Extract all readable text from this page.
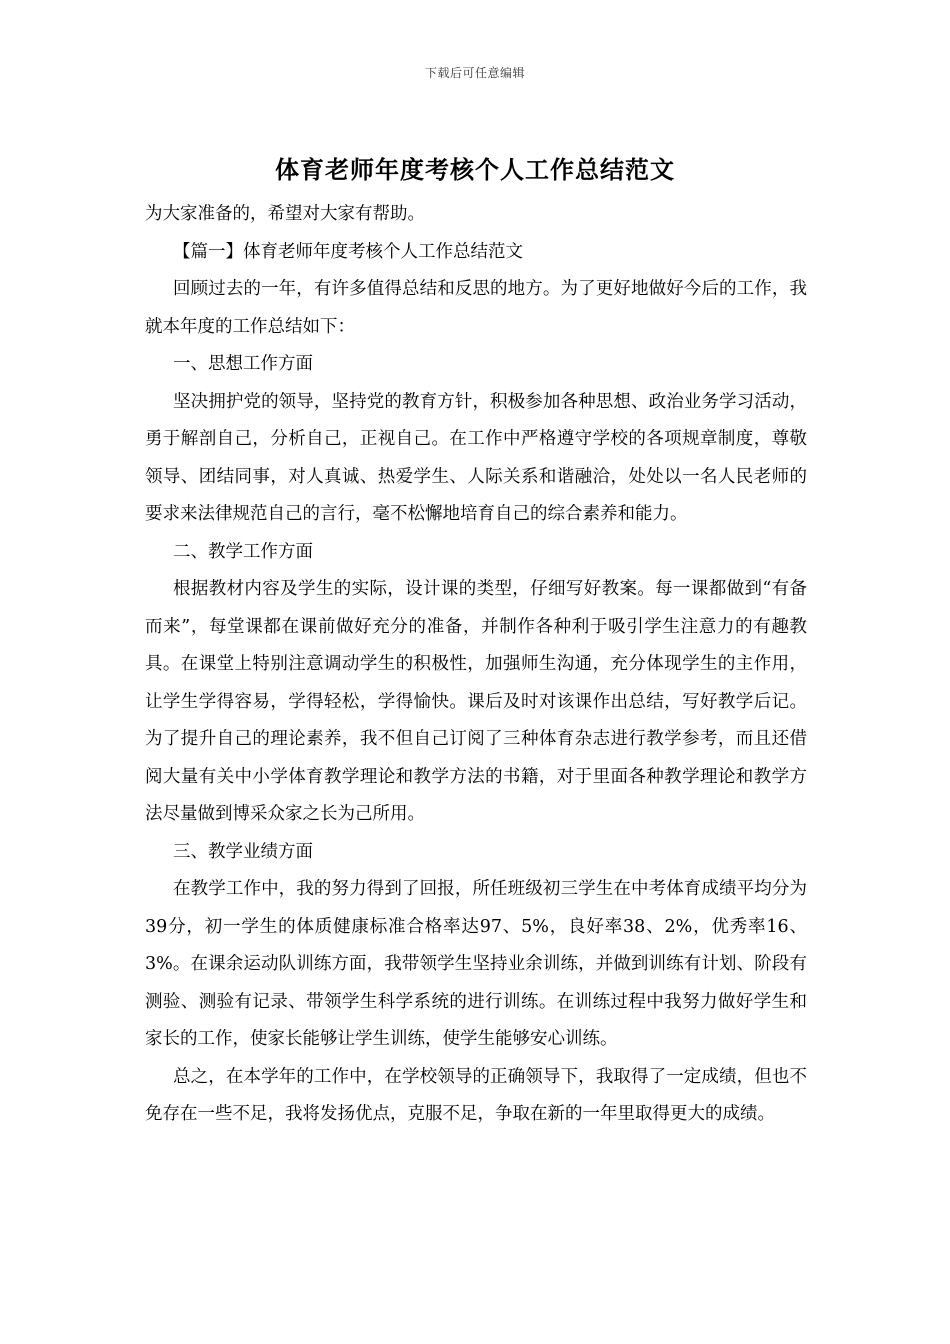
下载后可任意编辑
体育老师年度考核个人工作总结范文

为大家准备的，希望对大家有帮助。

【篇一】体育老师年度考核个人工作总结范文

回顾过去的一年，有许多值得总结和反思的地方。为了更好地做好今后的工作，我就本年度的工作总结如下：

一、思想工作方面

坚决拥护党的领导，坚持党的教育方针，积极参加各种思想、政治业务学习活动，勇于解剖自己，分析自己，正视自己。在工作中严格遵守学校的各项规章制度，尊敬领导、团结同事，对人真诚、热爱学生、人际关系和谐融洽，处处以一名人民老师的要求来法律规范自己的言行，毫不松懈地培育自己的综合素养和能力。

二、教学工作方面

根据教材内容及学生的实际，设计课的类型，仔细写好教案。每一课都做到“有备而来”，每堂课都在课前做好充分的准备，并制作各种利于吸引学生注意力的有趣教具。在课堂上特别注意调动学生的积极性，加强师生沟通，充分体现学生的主作用，让学生学得容易，学得轻松，学得愉快。课后及时对该课作出总结，写好教学后记。为了提升自己的理论素养，我不但自己订阅了三种体育杂志进行教学参考，而且还借阅大量有关中小学体育教学理论和教学方法的书籍，对于里面各种教学理论和教学方法尽量做到博采众家之长为己所用。

三、教学业绩方面

在教学工作中，我的努力得到了回报，所任班级初三学生在中考体育成绩平均分为39分，初一学生的体质健康标准合格率达97、5%，良好率38、2%，优秀率16、3%。在课余运动队训练方面，我带领学生坚持业余训练，并做到训练有计划、阶段有测验、测验有记录、带领学生科学系统的进行训练。在训练过程中我努力做好学生和家长的工作，使家长能够让学生训练，使学生能够安心训练。

总之，在本学年的工作中，在学校领导的正确领导下，我取得了一定成绩，但也不免存在一些不足，我将发扬优点，克服不足，争取在新的一年里取得更大的成绩。
